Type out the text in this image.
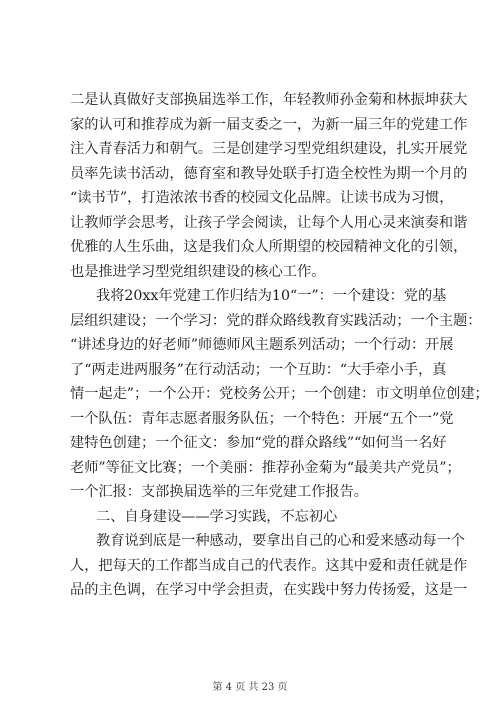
二是认真做好支部换届选举工作，年轻教师孙金菊和林振坤获大
家的认可和推荐成为新一届支委之一，为新一届三年的党建工作
注入青春活力和朝气。三是创建学习型党组织建设，扎实开展党
员率先读书活动，德育室和教导处联手打造全校性为期一个月的
“读书节”，打造浓浓书香的校园文化品牌。让读书成为习惯，
让教师学会思考，让孩子学会阅读，让每个人用心灵来演奏和谐
优雅的人生乐曲，这是我们众人所期望的校园精神文化的引领，
也是推进学习型党组织建设的核心工作。
我将20xx年党建工作归结为10“一”：一个建设：党的基
层组织建设；一个学习：党的群众路线教育实践活动；一个主题：
“讲述身边的好老师”师德师风主题系列活动；一个行动：开展
了“两走进两服务”在行动活动；一个互助：“大手牵小手，真
情一起走”；一个公开：党校务公开；一个创建：市文明单位创建；
一个队伍：青年志愿者服务队伍；一个特色：开展“五个一”党
建特色创建；一个征文：参加“党的群众路线”“如何当一名好
老师”等征文比赛；一个美丽：推荐孙金菊为“最美共产党员”；
一个汇报：支部换届选举的三年党建工作报告。
二、自身建设——学习实践，不忘初心
教育说到底是一种感动，要拿出自己的心和爱来感动每一个
人，把每天的工作都当成自己的代表作。这其中爱和责任就是作
品的主色调，在学习中学会担责，在实践中努力传扬爱，这是一
第 4 页 共 23 页
